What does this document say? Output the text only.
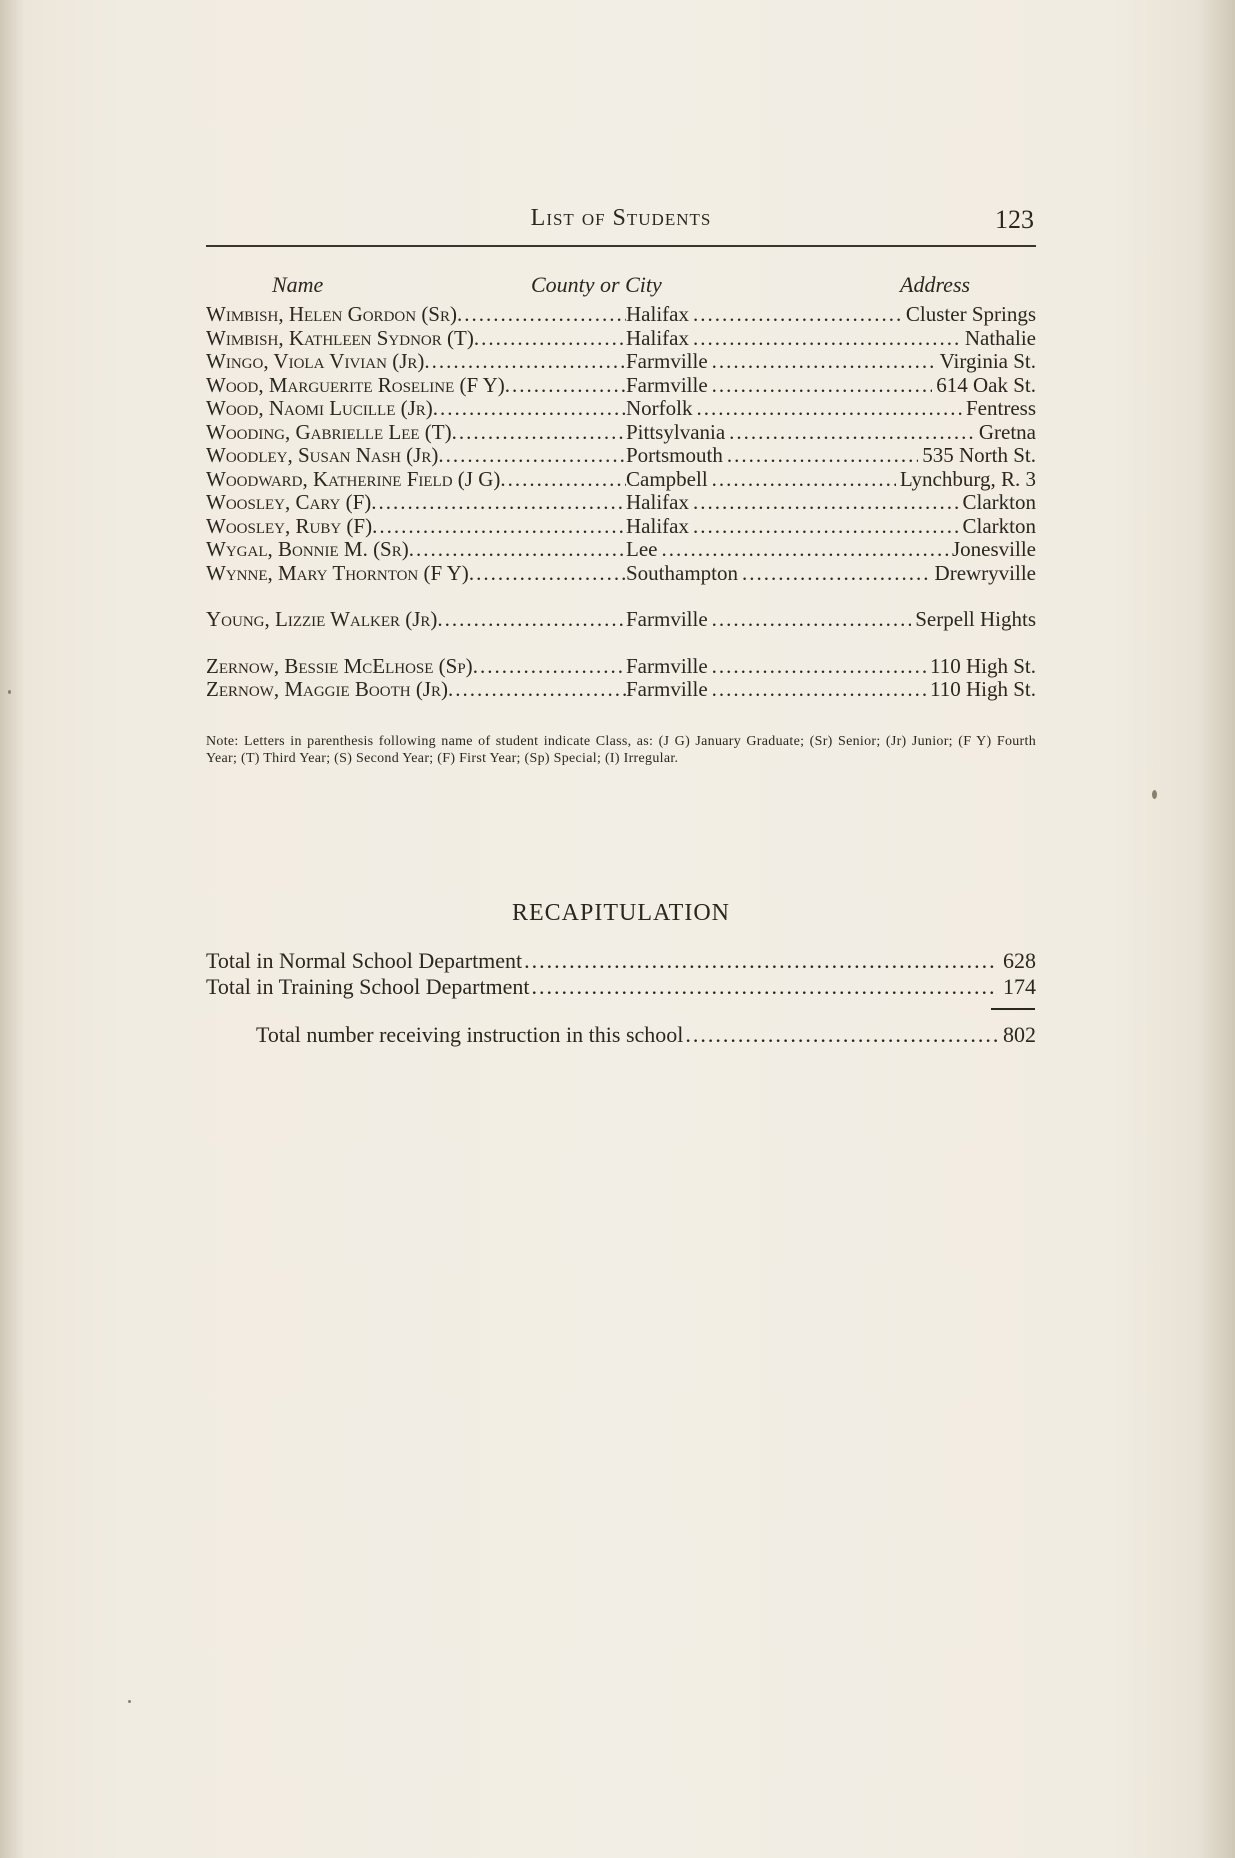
List of Students	123
Name	County or City	Address
Wimbish, Helen Gordon (Sr) .....	Halifax .....	Cluster Springs
Wimbish, Kathleen Sydnor (T) .....	Halifax .....	Nathalie
Wingo, Viola Vivian (Jr) .....	Farmville .....	Virginia St.
Wood, Marguerite Roseline (F Y) .....	Farmville .....	614 Oak St.
Wood, Naomi Lucille (Jr) .....	Norfolk .....	Fentress
Wooding, Gabrielle Lee (T) .....	Pittsylvania .....	Gretna
Woodley, Susan Nash (Jr) .....	Portsmouth .....	535 North St.
Woodward, Katherine Field (J G) .....	Campbell .....	Lynchburg, R. 3
Woosley, Cary (F) .....	Halifax .....	Clarkton
Woosley, Ruby (F) .....	Halifax .....	Clarkton
Wygal, Bonnie M. (Sr) .....	Lee .....	Jonesville
Wynne, Mary Thornton (F Y) .....	Southampton .....	Drewryville
Young, Lizzie Walker (Jr) .....	Farmville .....	Serpell Hights
Zernow, Bessie McElhose (Sp) .....	Farmville .....	110 High St.
Zernow, Maggie Booth (Jr) .....	Farmville .....	110 High St.
Note: Letters in parenthesis following name of student indicate Class, as: (J G) January Graduate; (Sr) Senior; (Jr) Junior; (F Y) Fourth Year; (T) Third Year; (S) Second Year; (F) First Year; (Sp) Special; (I) Irregular.
RECAPITULATION
Total in Normal School Department .....	628
Total in Training School Department .....	174
Total number receiving instruction in this school .....	802
